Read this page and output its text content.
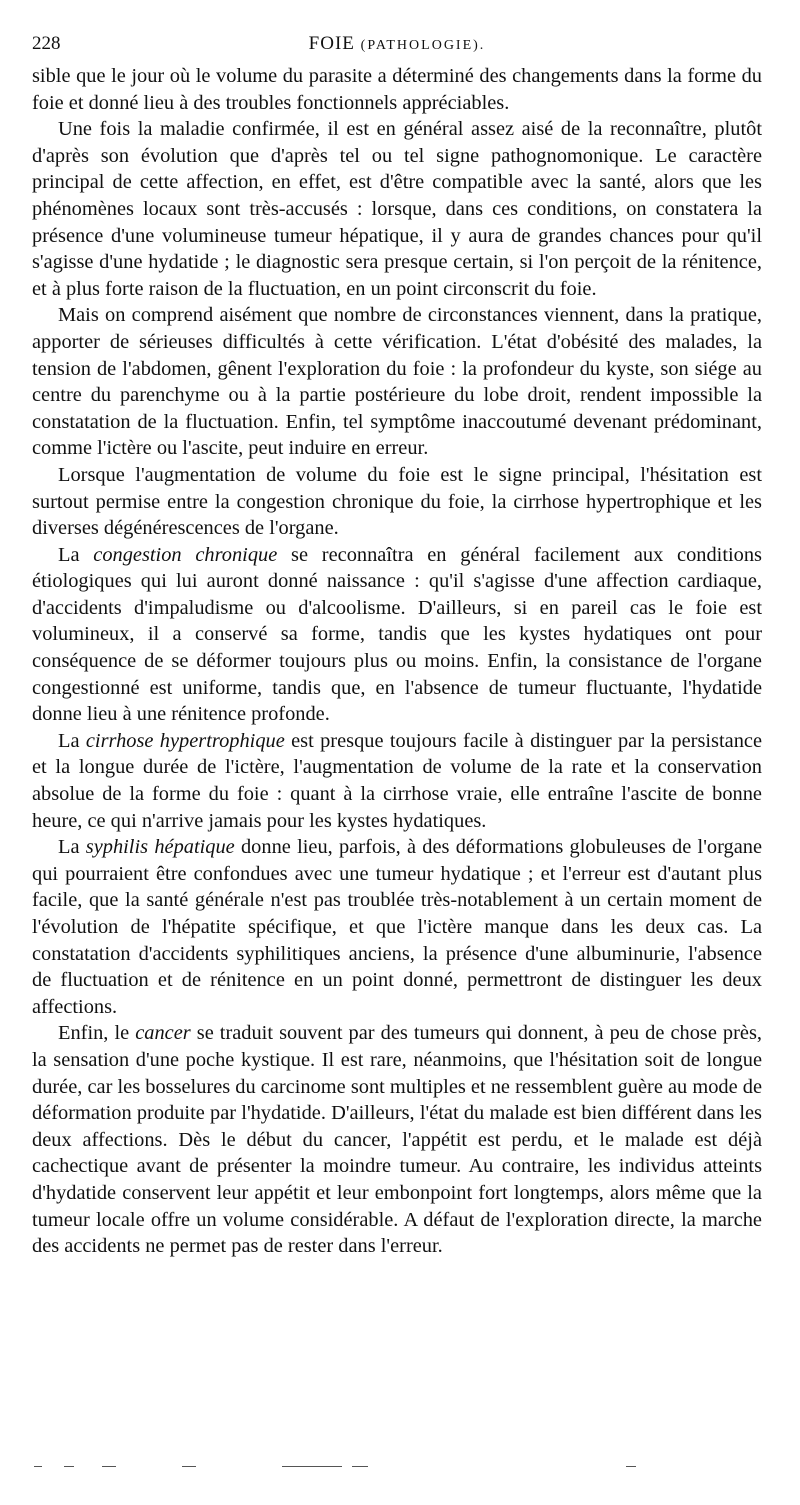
228	FOIE (PATHOLOGIE).

sible que le jour où le volume du parasite a déterminé des changements dans la forme du foie et donné lieu à des troubles fonctionnels appréciables.

Une fois la maladie confirmée, il est en général assez aisé de la reconnaître, plutôt d'après son évolution que d'après tel ou tel signe pathognomonique. Le caractère principal de cette affection, en effet, est d'être compatible avec la santé, alors que les phénomènes locaux sont très-accusés : lorsque, dans ces conditions, on constatera la présence d'une volumineuse tumeur hépatique, il y aura de grandes chances pour qu'il s'agisse d'une hydatide ; le diagnostic sera presque certain, si l'on perçoit de la rénitence, et à plus forte raison de la fluctuation, en un point circonscrit du foie.

Mais on comprend aisément que nombre de circonstances viennent, dans la pratique, apporter de sérieuses difficultés à cette vérification. L'état d'obésité des malades, la tension de l'abdomen, gênent l'exploration du foie : la profondeur du kyste, son siége au centre du parenchyme ou à la partie postérieure du lobe droit, rendent impossible la constatation de la fluctuation. Enfin, tel symptôme inaccoutumé devenant prédominant, comme l'ictère ou l'ascite, peut induire en erreur.

Lorsque l'augmentation de volume du foie est le signe principal, l'hésitation est surtout permise entre la congestion chronique du foie, la cirrhose hypertrophique et les diverses dégénérescences de l'organe.

La congestion chronique se reconnaîtra en général facilement aux conditions étiologiques qui lui auront donné naissance : qu'il s'agisse d'une affection cardiaque, d'accidents d'impaludisme ou d'alcoolisme. D'ailleurs, si en pareil cas le foie est volumineux, il a conservé sa forme, tandis que les kystes hydatiques ont pour conséquence de se déformer toujours plus ou moins. Enfin, la consistance de l'organe congestionné est uniforme, tandis que, en l'absence de tumeur fluctuante, l'hydatide donne lieu à une rénitence profonde.

La cirrhose hypertrophique est presque toujours facile à distinguer par la persistance et la longue durée de l'ictère, l'augmentation de volume de la rate et la conservation absolue de la forme du foie : quant à la cirrhose vraie, elle entraîne l'ascite de bonne heure, ce qui n'arrive jamais pour les kystes hydatiques.

La syphilis hépatique donne lieu, parfois, à des déformations globuleuses de l'organe qui pourraient être confondues avec une tumeur hydatique ; et l'erreur est d'autant plus facile, que la santé générale n'est pas troublée très-notablement à un certain moment de l'évolution de l'hépatite spécifique, et que l'ictère manque dans les deux cas. La constatation d'accidents syphilitiques anciens, la présence d'une albuminurie, l'absence de fluctuation et de rénitence en un point donné, permettront de distinguer les deux affections.

Enfin, le cancer se traduit souvent par des tumeurs qui donnent, à peu de chose près, la sensation d'une poche kystique. Il est rare, néanmoins, que l'hésitation soit de longue durée, car les bosselures du carcinome sont multiples et ne ressemblent guère au mode de déformation produite par l'hydatide. D'ailleurs, l'état du malade est bien différent dans les deux affections. Dès le début du cancer, l'appétit est perdu, et le malade est déjà cachectique avant de présenter la moindre tumeur. Au contraire, les individus atteints d'hydatide conservent leur appétit et leur embonpoint fort longtemps, alors même que la tumeur locale offre un volume considérable. A défaut de l'exploration directe, la marche des accidents ne permet pas de rester dans l'erreur.
